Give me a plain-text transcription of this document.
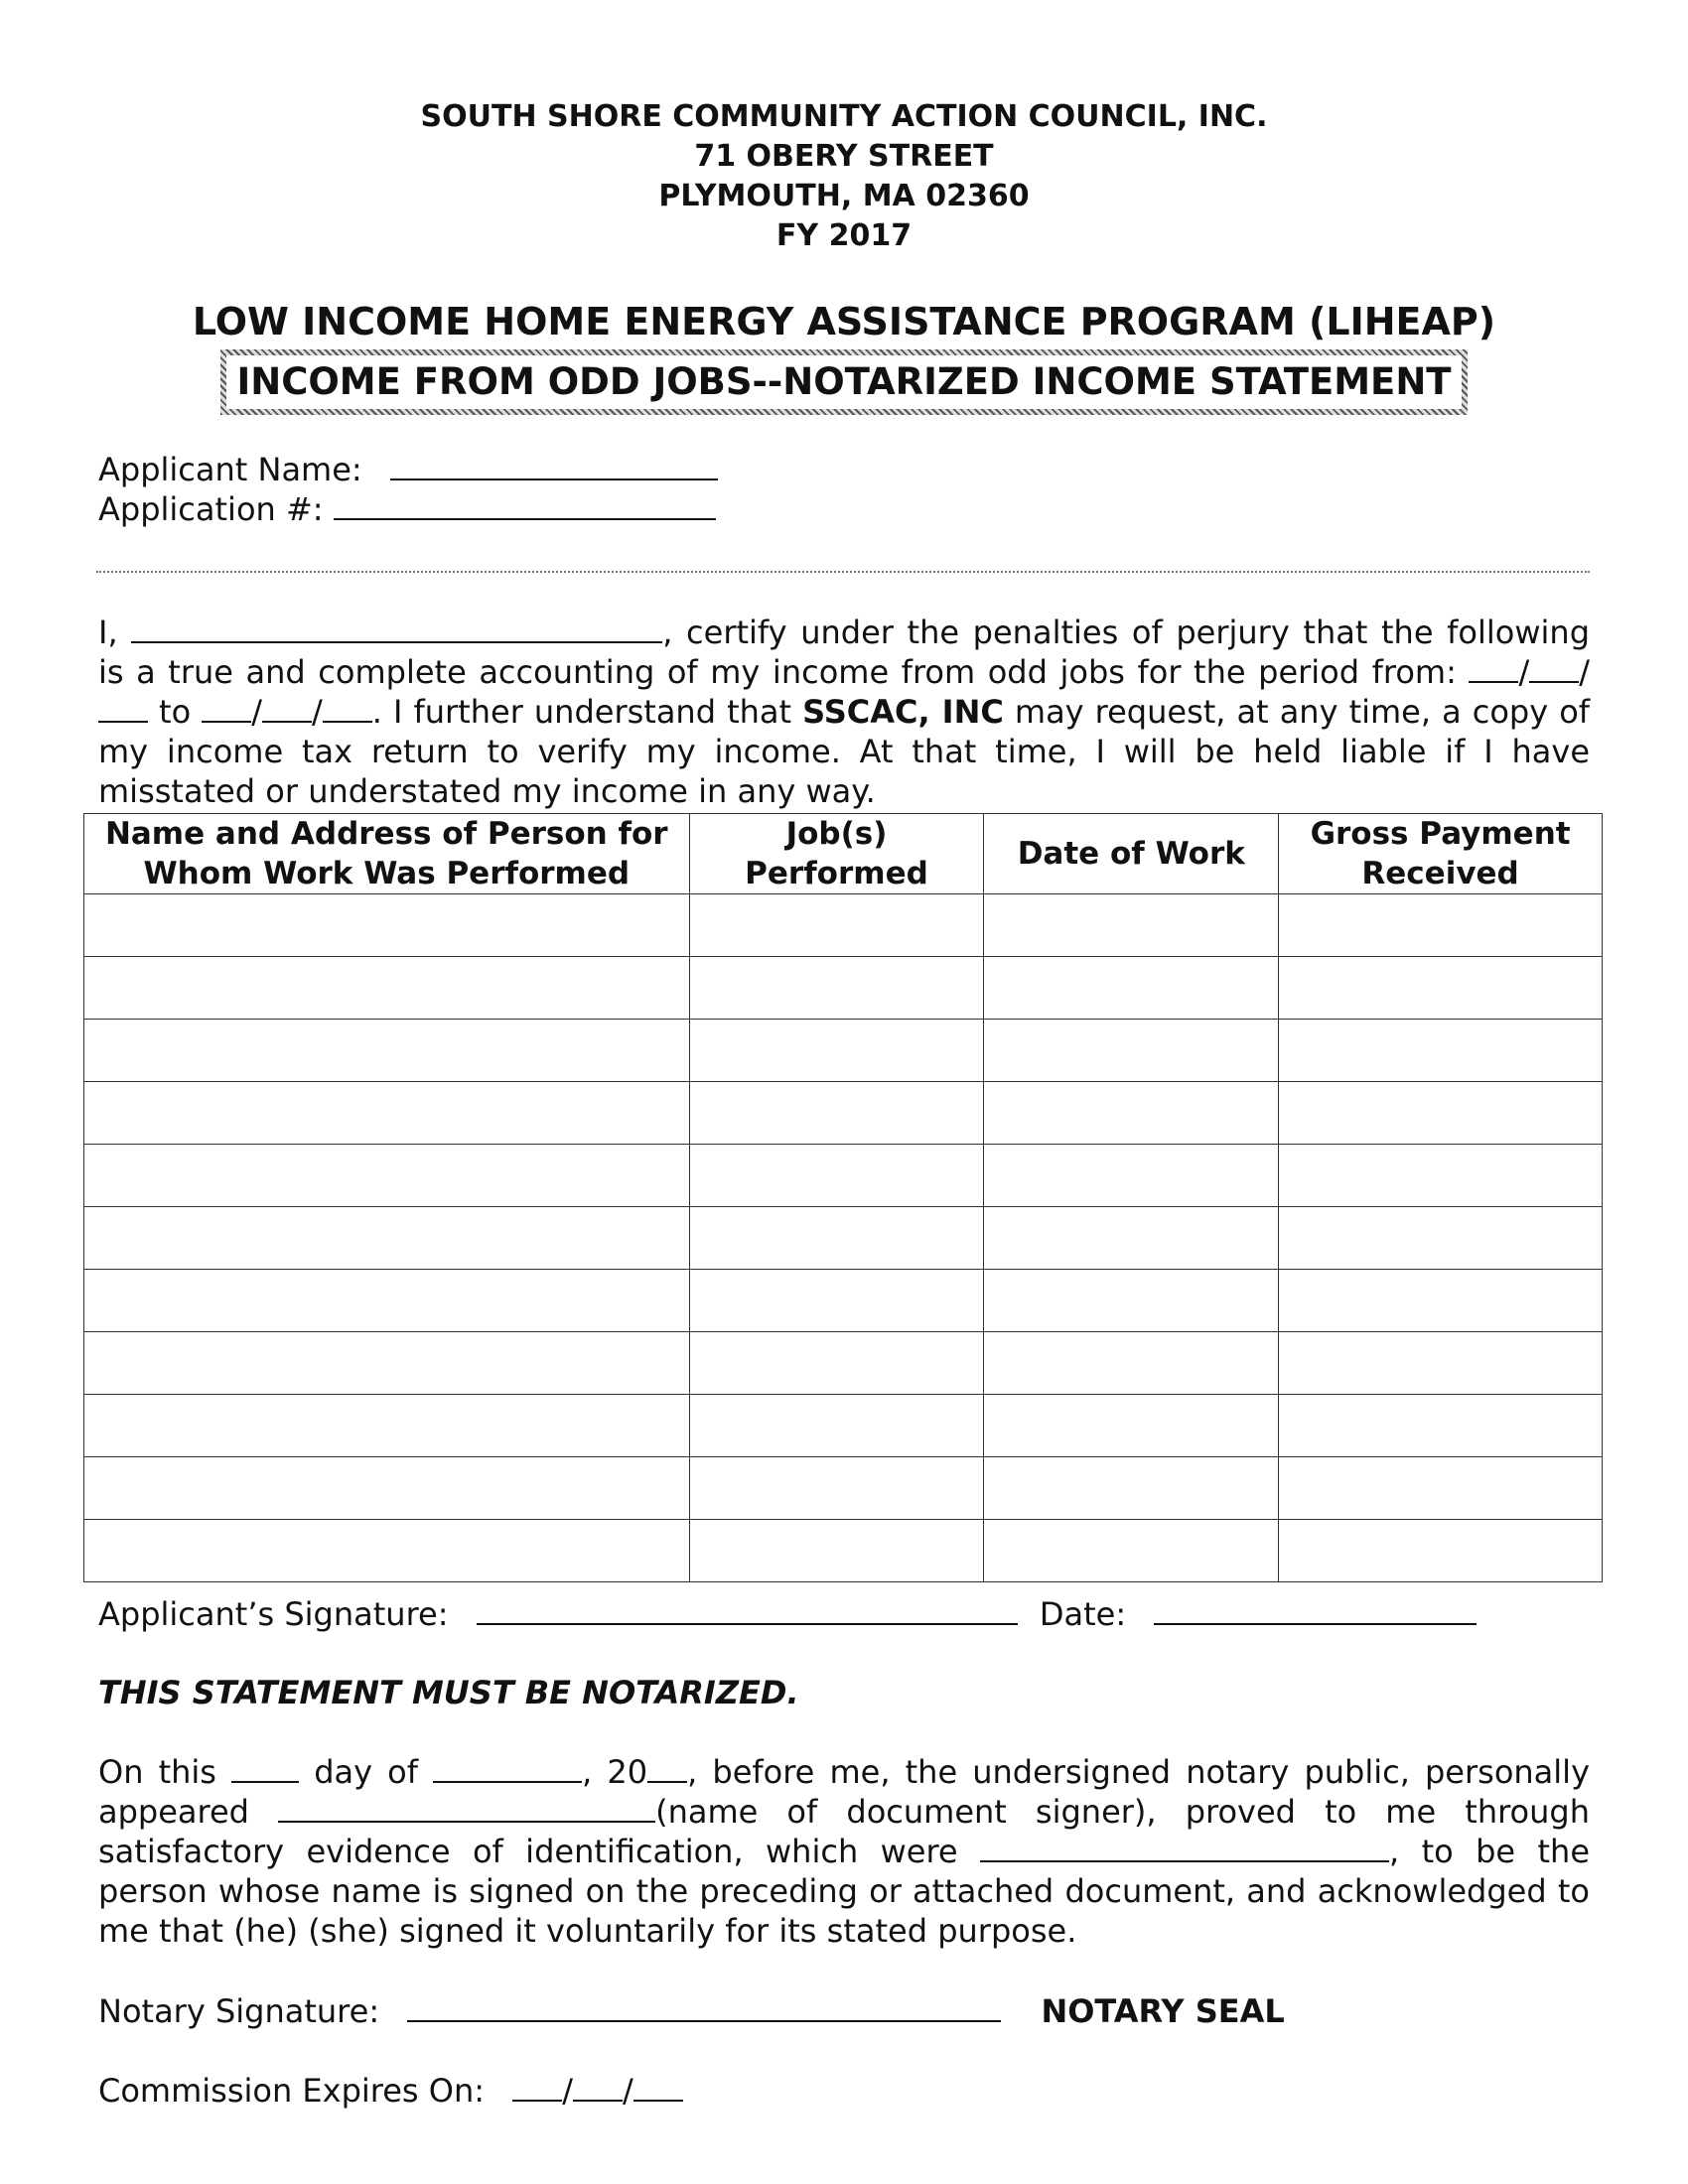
SOUTH SHORE COMMUNITY ACTION COUNCIL, INC.
71 OBERY STREET
PLYMOUTH, MA 02360
FY 2017
LOW INCOME HOME ENERGY ASSISTANCE PROGRAM (LIHEAP)
INCOME FROM ODD JOBS--NOTARIZED INCOME STATEMENT
Applicant Name:
Application #:
I,	, certify under the penalties of perjury that the following is a true and complete accounting of my income from odd jobs for the period from: / / to / / . I further understand that SSCAC, INC may request, at any time, a copy of my income tax return to verify my income. At that time, I will be held liable if I have misstated or understated my income in any way.
Name and Address of Person for Whom Work Was Performed	Job(s) Performed	Date of Work	Gross Payment Received

Applicant’s Signature:	Date:
THIS STATEMENT MUST BE NOTARIZED.
On this	day of	, 20 , before me, the undersigned notary public, personally appeared	(name of document signer), proved to me through satisfactory evidence of identification, which were	, to be the person whose name is signed on the preceding or attached document, and acknowledged to me that (he) (she) signed it voluntarily for its stated purpose.
Notary Signature:	NOTARY SEAL
Commission Expires On: / /
